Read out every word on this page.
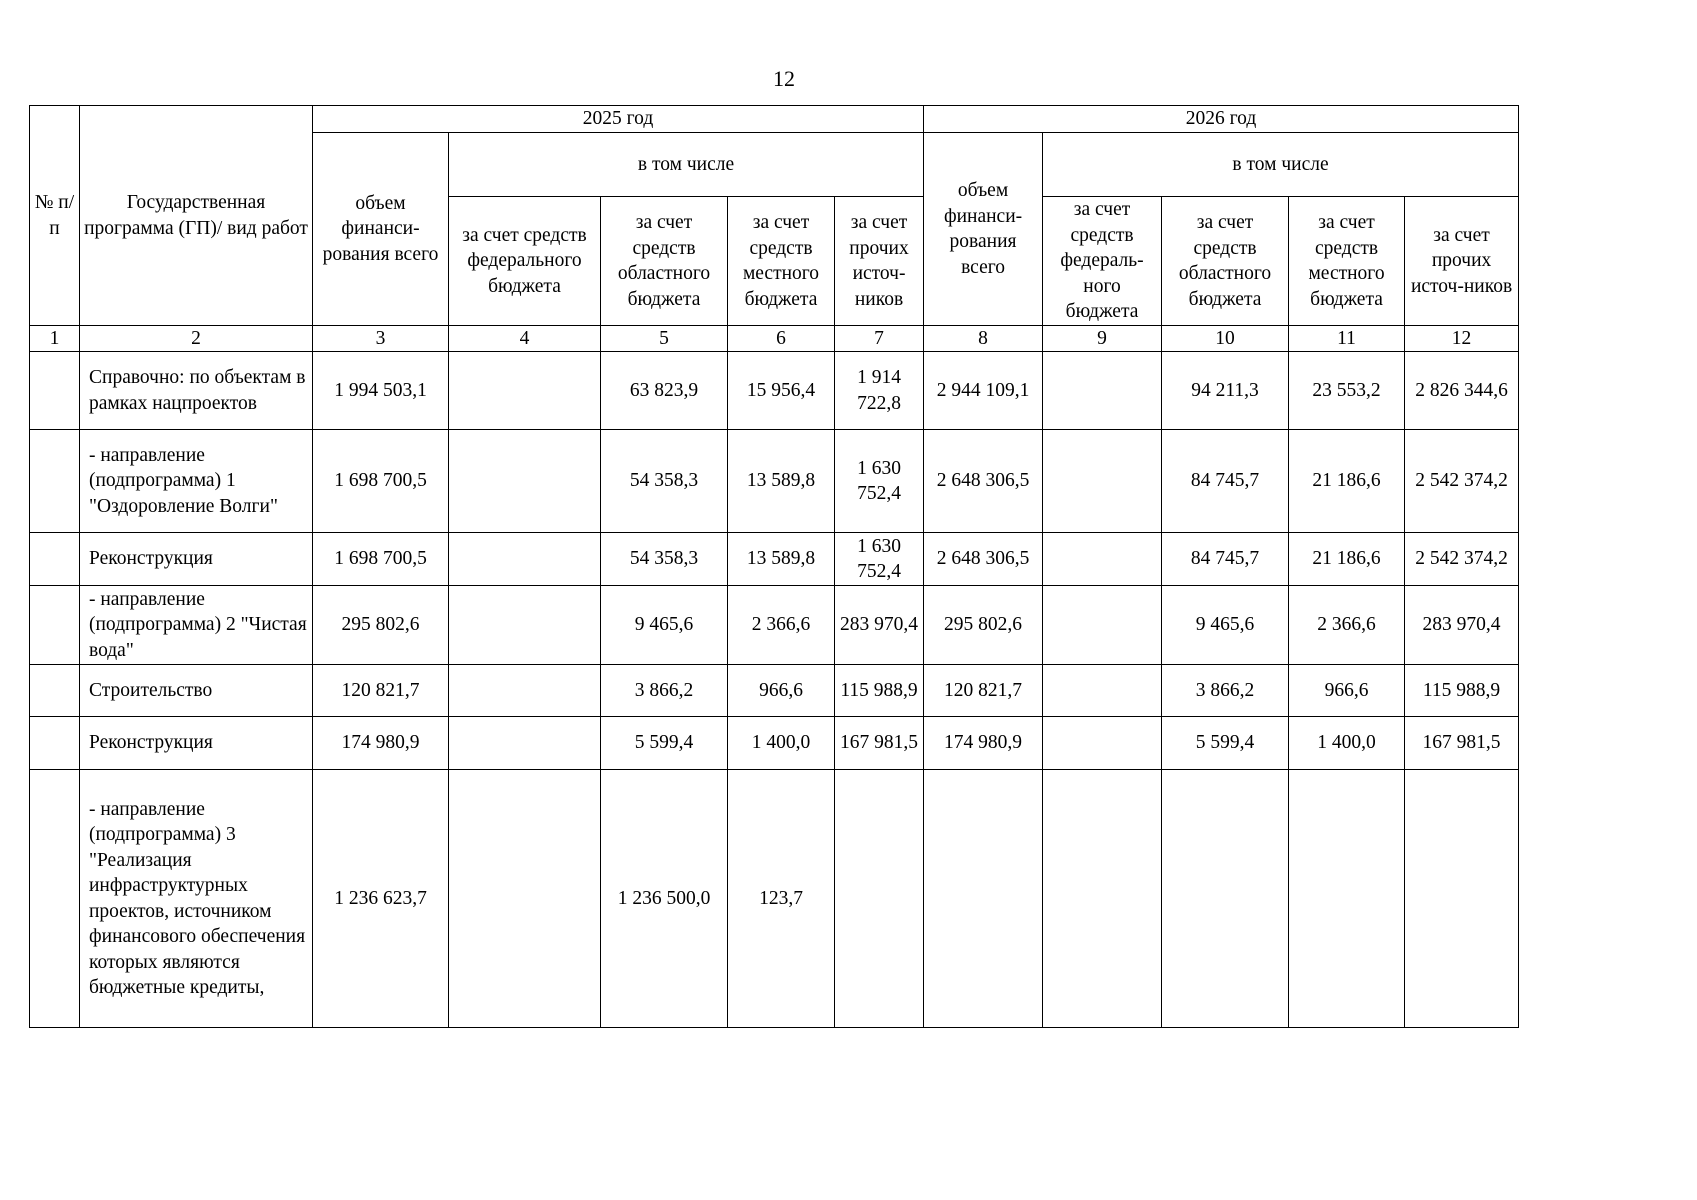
12
№ п/п	Государственная программа (ГП)/ вид работ	2025 год					2026 год				
		объем финанси-рования всего	в том числе				объем финанси-рования всего	в том числе			
			за счет средств федерального бюджета	за счет средств областного бюджета	за счет средств местного бюджета	за счет прочих источ-ников		за счет средств федераль-ного бюджета	за счет средств областного бюджета	за счет средств местного бюджета	за счет прочих источ-ников
1	2	3	4	5	6	7	8	9	10	11	12
	Справочно: по объектам в рамках нацпроектов	1 994 503,1		63 823,9	15 956,4	1 914 722,8	2 944 109,1		94 211,3	23 553,2	2 826 344,6
	- направление (подпрограмма) 1 "Оздоровление Волги"	1 698 700,5		54 358,3	13 589,8	1 630 752,4	2 648 306,5		84 745,7	21 186,6	2 542 374,2
	Реконструкция	1 698 700,5		54 358,3	13 589,8	1 630 752,4	2 648 306,5		84 745,7	21 186,6	2 542 374,2
	- направление (подпрограмма) 2 "Чистая вода"	295 802,6		9 465,6	2 366,6	283 970,4	295 802,6		9 465,6	2 366,6	283 970,4
	Строительство	120 821,7		3 866,2	966,6	115 988,9	120 821,7		3 866,2	966,6	115 988,9
	Реконструкция	174 980,9		5 599,4	1 400,0	167 981,5	174 980,9		5 599,4	1 400,0	167 981,5
	- направление (подпрограмма) 3 "Реализация инфраструктурных проектов, источником финансового обеспечения которых являются бюджетные кредиты,	1 236 623,7		1 236 500,0	123,7						
